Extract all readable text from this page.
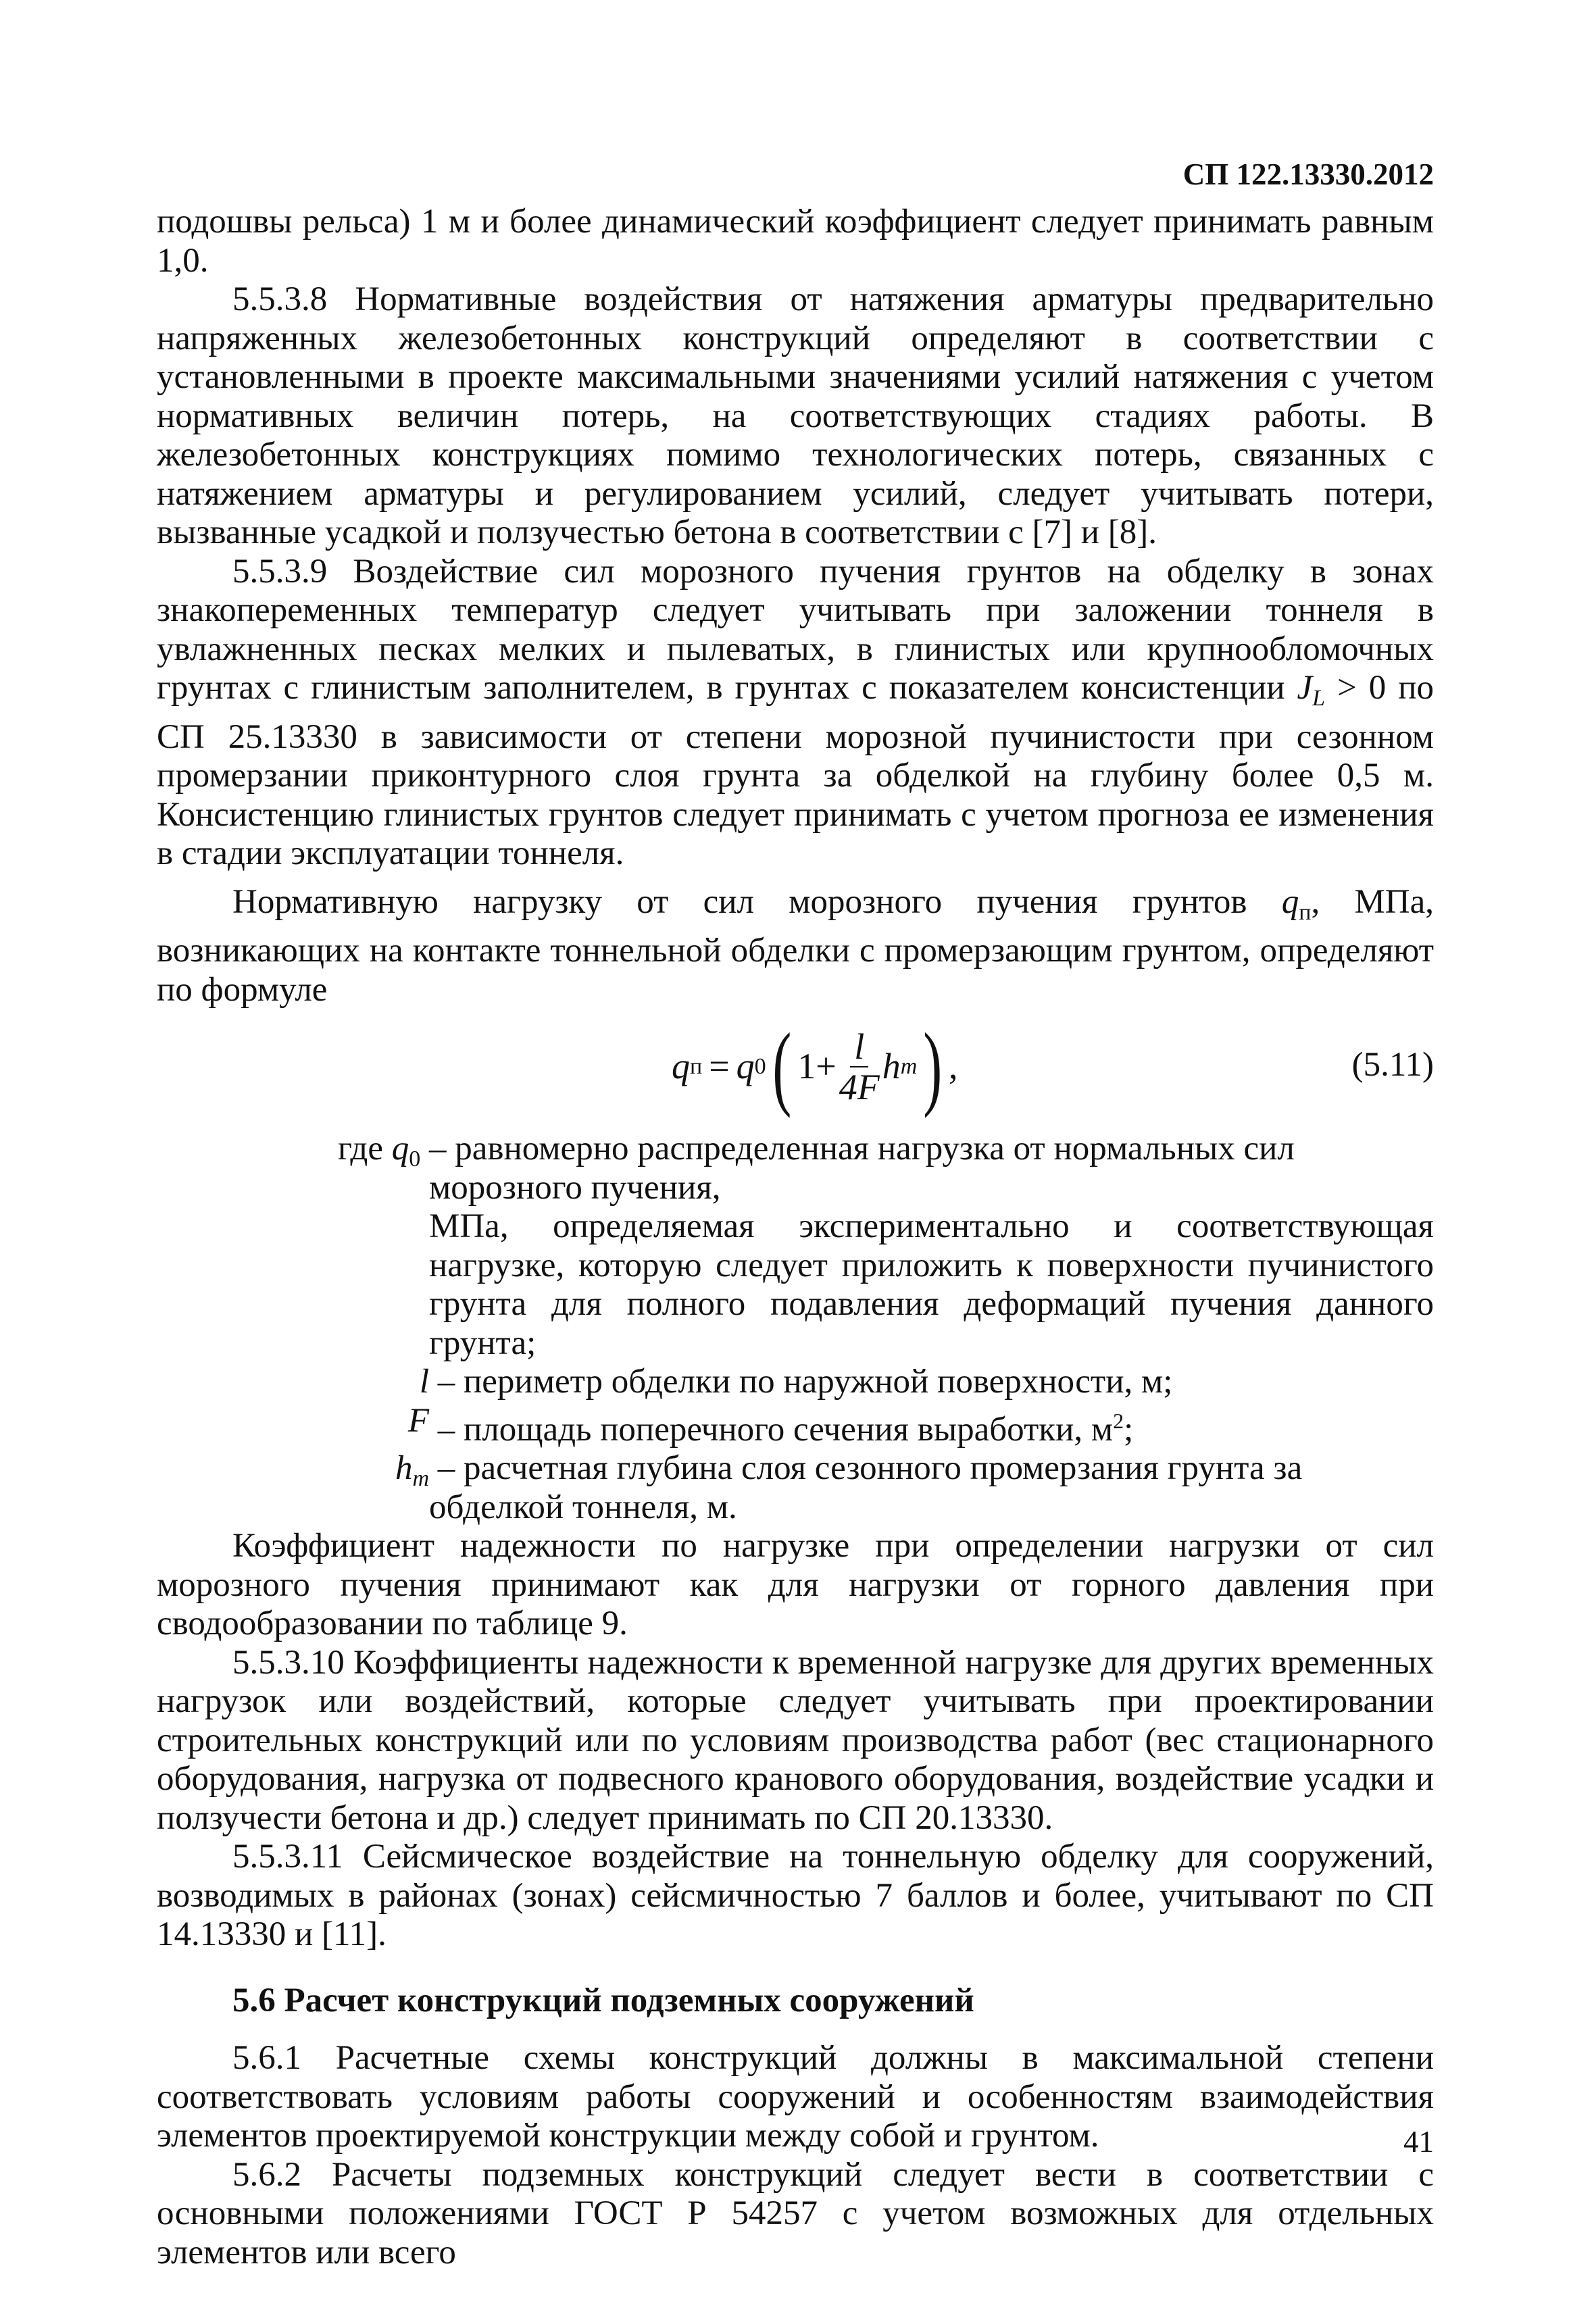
СП 122.13330.2012

подошвы рельса) 1 м и более динамический коэффициент следует принимать равным 1,0.

5.5.3.8 Нормативные воздействия от натяжения арматуры предварительно напряженных железобетонных конструкций определяют в соответствии с установленными в проекте максимальными значениями усилий натяжения с учетом нормативных величин потерь, на соответствующих стадиях работы. В железобетонных конструкциях помимо технологических потерь, связанных с натяжением арматуры и регулированием усилий, следует учитывать потери, вызванные усадкой и ползучестью бетона в соответствии с [7] и [8].

5.5.3.9 Воздействие сил морозного пучения грунтов на обделку в зонах знакопеременных температур следует учитывать при заложении тоннеля в увлажненных песках мелких и пылеватых, в глинистых или крупнообломочных грунтах с глинистым заполнителем, в грунтах с показателем консистенции $J_L > 0$ по СП 25.13330 в зависимости от степени морозной пучинистости при сезонном промерзании приконтурного слоя грунта за обделкой на глубину более 0,5 м. Консистенцию глинистых грунтов следует принимать с учетом прогноза ее изменения в стадии эксплуатации тоннеля.

Нормативную нагрузку от сил морозного пучения грунтов $q_п$, МПа, возникающих на контакте тоннельной обделки с промерзающим грунтом, определяют по формуле

q п = q 0 ( $1+ \frac{l}{4F}$ h m ) ,	(5.11)
где $q_0$ – равномерно распределенная нагрузка от нормальных сил морозного пучения,

МПа, определяемая экспериментально и соответствующая нагрузке, которую следует приложить к поверхности пучинистого грунта для полного подавления деформаций пучения данного грунта;

l – периметр обделки по наружной поверхности, м;
F – площадь поперечного сечения выработки, $м^2$;
$h_m$ – расчетная глубина слоя сезонного промерзания грунта за обделкой тоннеля, м.

Коэффициент надежности по нагрузке при определении нагрузки от сил морозного пучения принимают как для нагрузки от горного давления при сводообразовании по таблице 9.

5.5.3.10 Коэффициенты надежности к временной нагрузке для других временных нагрузок или воздействий, которые следует учитывать при проектировании строительных конструкций или по условиям производства работ (вес стационарного оборудования, нагрузка от подвесного кранового оборудования, воздействие усадки и ползучести бетона и др.) следует принимать по СП 20.13330.

5.5.3.11 Сейсмическое воздействие на тоннельную обделку для сооружений, возводимых в районах (зонах) сейсмичностью 7 баллов и более, учитывают по СП 14.13330 и [11].

5.6 Расчет конструкций подземных сооружений

5.6.1 Расчетные схемы конструкций должны в максимальной степени соответствовать условиям работы сооружений и особенностям взаимодействия элементов проектируемой конструкции между собой и грунтом.

5.6.2 Расчеты подземных конструкций следует вести в соответствии с основными положениями ГОСТ Р 54257 с учетом возможных для отдельных элементов или всего

41
